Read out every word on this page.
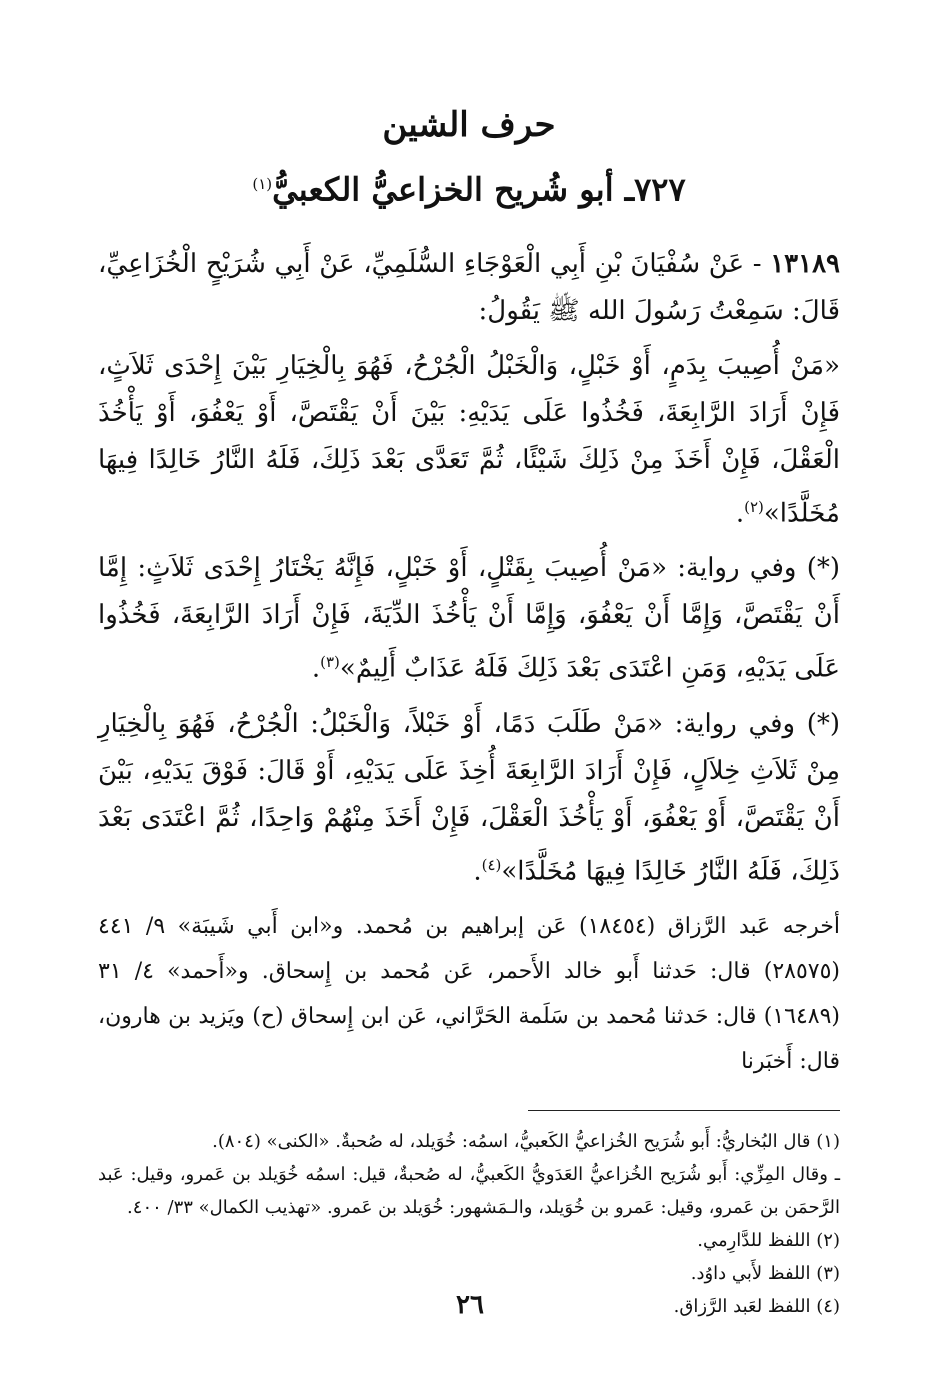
حرف الشين
٧٢٧ـ أبو شُريح الخزاعيُّ الكعبيُّ$^{(١)}$

١٣١٨٩ - عَنْ سُفْيَانَ بْنِ أَبِي الْعَوْجَاءِ السُّلَمِيِّ، عَنْ أَبِي شُرَيْحٍ الْخُزَاعِيِّ، قَالَ: سَمِعْتُ رَسُولَ الله ﷺ يَقُولُ:

«مَنْ أُصِيبَ بِدَمٍ، أَوْ خَبْلٍ، وَالْخَبْلُ الْجُرْحُ، فَهُوَ بِالْخِيَارِ بَيْنَ إِحْدَى ثَلاَثٍ، فَإِنْ أَرَادَ الرَّابِعَةَ، فَخُذُوا عَلَى يَدَيْهِ: بَيْنَ أَنْ يَقْتَصَّ، أَوْ يَعْفُوَ، أَوْ يَأْخُذَ الْعَقْلَ، فَإِنْ أَخَذَ مِنْ ذَلِكَ شَيْئًا، ثُمَّ تَعَدَّى بَعْدَ ذَلِكَ، فَلَهُ النَّارُ خَالِدًا فِيهَا مُخَلَّدًا»$^{(٢)}$.

(*) وفي رواية: «مَنْ أُصِيبَ بِقَتْلٍ، أَوْ خَبْلٍ، فَإِنَّهُ يَخْتَارُ إِحْدَى ثَلاَثٍ: إِمَّا أَنْ يَقْتَصَّ، وَإِمَّا أَنْ يَعْفُوَ، وَإِمَّا أَنْ يَأْخُذَ الدِّيَةَ، فَإِنْ أَرَادَ الرَّابِعَةَ، فَخُذُوا عَلَى يَدَيْهِ، وَمَنِ اعْتَدَى بَعْدَ ذَلِكَ فَلَهُ عَذَابٌ أَلِيمٌ»$^{(٣)}$.

(*) وفي رواية: «مَنْ طَلَبَ دَمًا، أَوْ خَبْلاً، وَالْخَبْلُ: الْجُرْحُ، فَهُوَ بِالْخِيَارِ مِنْ ثَلاَثِ خِلاَلٍ، فَإِنْ أَرَادَ الرَّابِعَةَ أُخِذَ عَلَى يَدَيْهِ، أَوْ قَالَ: فَوْقَ يَدَيْهِ، بَيْنَ أَنْ يَقْتَصَّ، أَوْ يَعْفُوَ، أَوْ يَأْخُذَ الْعَقْلَ، فَإِنْ أَخَذَ مِنْهُمْ وَاحِدًا، ثُمَّ اعْتَدَى بَعْدَ ذَلِكَ، فَلَهُ النَّارُ خَالِدًا فِيهَا مُخَلَّدًا»$^{(٤)}$.

أخرجه عَبد الرَّزاق (١٨٤٥٤) عَن إبراهيم بن مُحمد. و«ابن أَبي شَيبَة» ٩/ ٤٤١ (٢٨٥٧٥) قال: حَدثنا أَبو خالد الأَحمر، عَن مُحمد بن إِسحاق. و«أَحمد» ٤/ ٣١ (١٦٤٨٩) قال: حَدثنا مُحمد بن سَلَمة الحَرَّاني، عَن ابن إِسحاق (ح) ويَزيد بن هارون، قال: أَخبَرنا

(١) قال البُخاريُّ: أَبو شُرَيح الخُزاعيُّ الكَعبيُّ، اسمُه: خُوَيلد، له صُحبةٌ. «الكنى» (٨٠٤).

ـ وقال المِزِّي: أَبو شُرَيح الخُزاعيُّ العَدَويُّ الكَعبيُّ، له صُحبةٌ، قيل: اسمُه خُوَيلد بن عَمرو، وقيل: عَبد الرَّحمَن بن عَمرو، وقيل: عَمرو بن خُوَيلد، والـمَشهور: خُوَيلد بن عَمرو. «تهذيب الكمال» ٣٣/ ٤٠٠.

(٢) اللفظ للدَّارِمي.

(٣) اللفظ لأَبي داوُد.

(٤) اللفظ لعَبد الرَّزاق.

٢٦
